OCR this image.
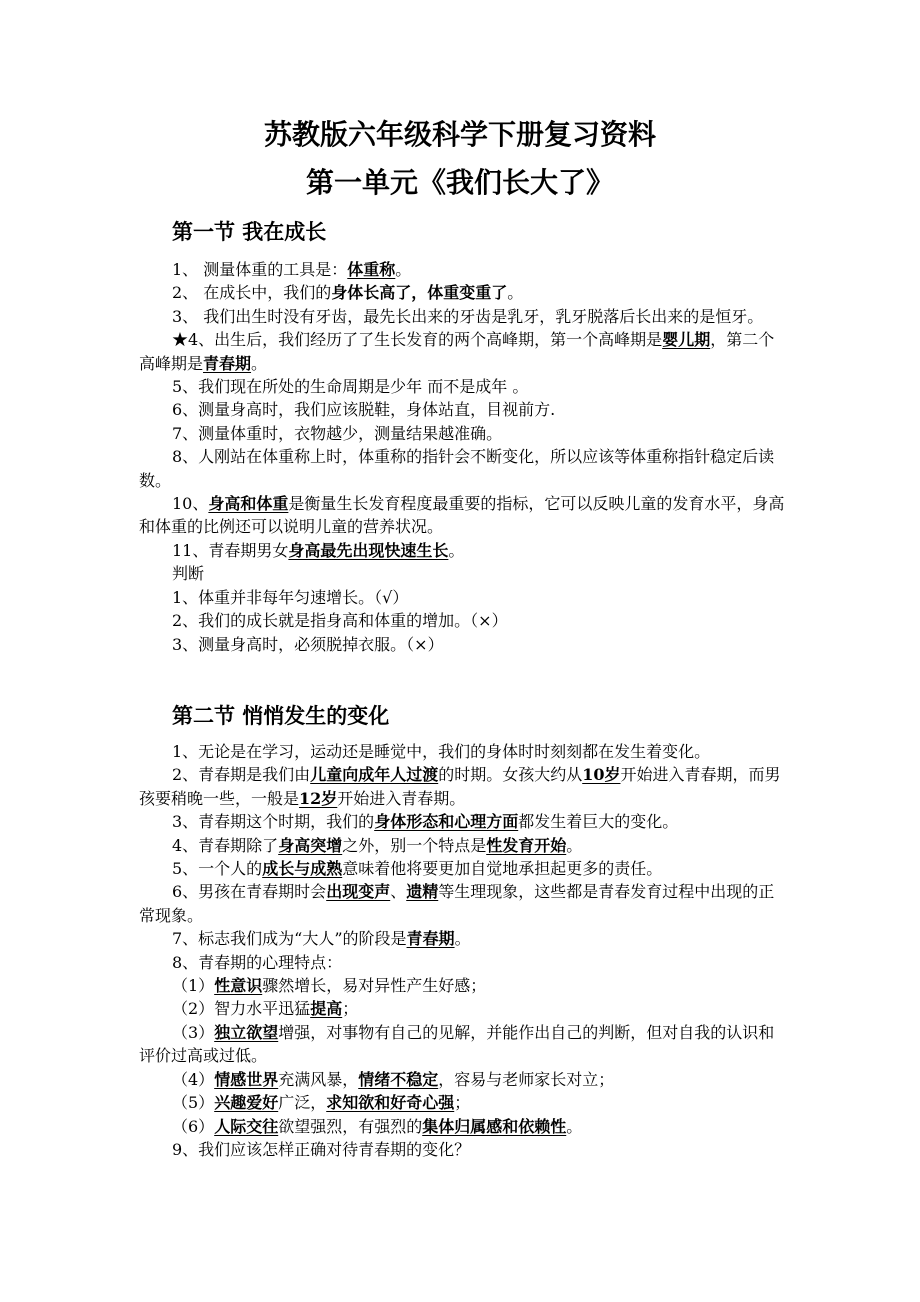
苏教版六年级科学下册复习资料
第一单元《我们长大了》
第一节 我在成长

1、 测量体重的工具是：体重称。

2、 在成长中，我们的身体长高了，体重变重了。

3、 我们出生时没有牙齿，最先长出来的牙齿是乳牙，乳牙脱落后长出来的是恒牙。

★4、出生后，我们经历了了生长发育的两个高峰期，第一个高峰期是婴儿期，第二个高峰期是青春期。

5、我们现在所处的生命周期是少年 而不是成年 。

6、测量身高时，我们应该脱鞋，身体站直，目视前方.

7、测量体重时，衣物越少，测量结果越准确。

8、人刚站在体重称上时，体重称的指针会不断变化，所以应该等体重称指针稳定后读数。

10、身高和体重是衡量生长发育程度最重要的指标，它可以反映儿童的发育水平，身高和体重的比例还可以说明儿童的营养状况。

11、青春期男女身高最先出现快速生长。

判断

1、体重并非每年匀速增长。（√）

2、我们的成长就是指身高和体重的增加。（×）

3、测量身高时，必须脱掉衣服。（×）

第二节 悄悄发生的变化

1、无论是在学习，运动还是睡觉中，我们的身体时时刻刻都在发生着变化。

2、青春期是我们由儿童向成年人过渡的时期。女孩大约从10岁开始进入青春期，而男孩要稍晚一些，一般是12岁开始进入青春期。

3、青春期这个时期，我们的身体形态和心理方面都发生着巨大的变化。

4、青春期除了身高突增之外，别一个特点是性发育开始。

5、一个人的成长与成熟意味着他将要更加自觉地承担起更多的责任。

6、男孩在青春期时会出现变声、遗精等生理现象，这些都是青春发育过程中出现的正常现象。

7、标志我们成为“大人”的阶段是青春期。

8、青春期的心理特点：

（1）性意识骤然增长，易对异性产生好感；

（2）智力水平迅猛提高；

（3）独立欲望增强，对事物有自己的见解，并能作出自己的判断，但对自我的认识和评价过高或过低。

（4）情感世界充满风暴，情绪不稳定，容易与老师家长对立；

（5）兴趣爱好广泛，求知欲和好奇心强；

（6）人际交往欲望强烈，有强烈的集体归属感和依赖性。

9、我们应该怎样正确对待青春期的变化？
